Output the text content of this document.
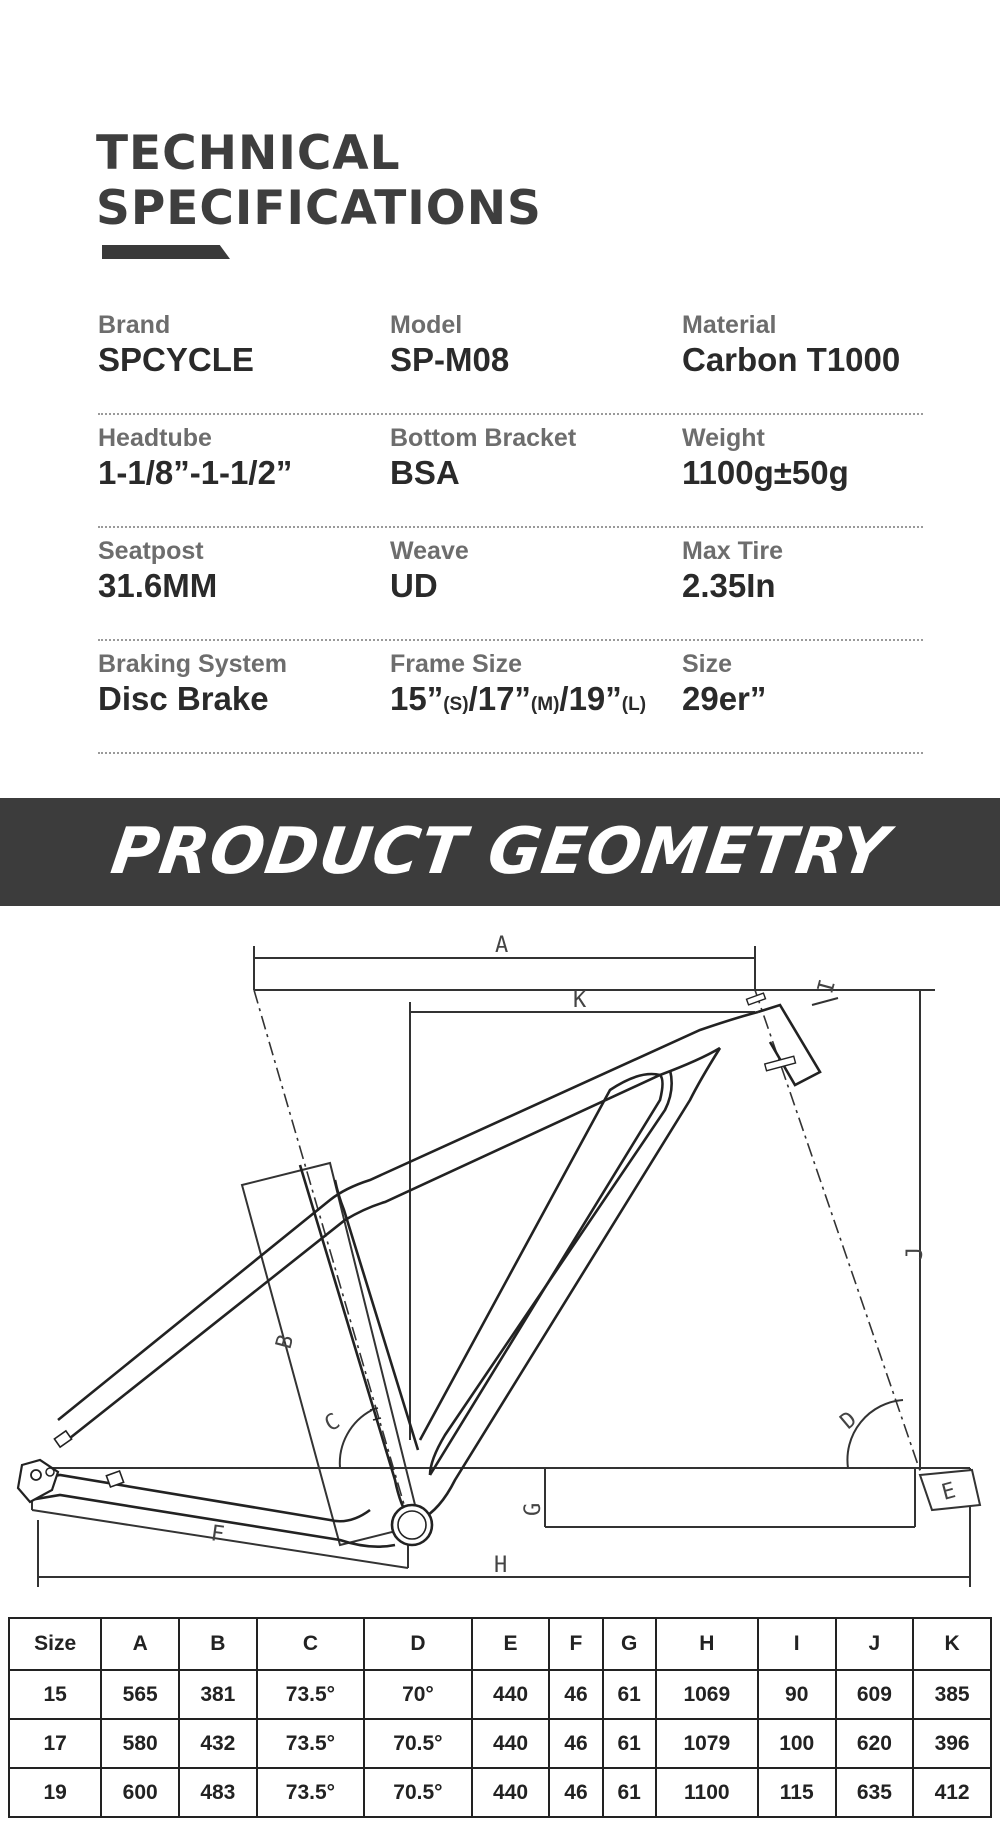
TECHNICAL
SPECIFICATIONS
Brand
SPCYCLE
Model
SP-M08
Material
Carbon T1000
Headtube
1-1/8”-1-1/2”
Bottom Bracket
BSA
Weight
1100g±50g
Seatpost
31.6MM
Weave
UD
Max Tire
2.35In
Braking System
Disc Brake
Frame Size
15”(S)/17”(M)/19”(L)
Size
29er”
PRODUCT GEOMETRY
A
B
C	D
E
F
G
H
I
J
K
Size	A	B	C	D	E	F	G	H	I	J	K
15	565	381	73.5°	70°	440	46	61	1069	90	609	385
17	580	432	73.5°	70.5°	440	46	61	1079	100	620	396
19	600	483	73.5°	70.5°	440	46	61	1100	115	635	412
